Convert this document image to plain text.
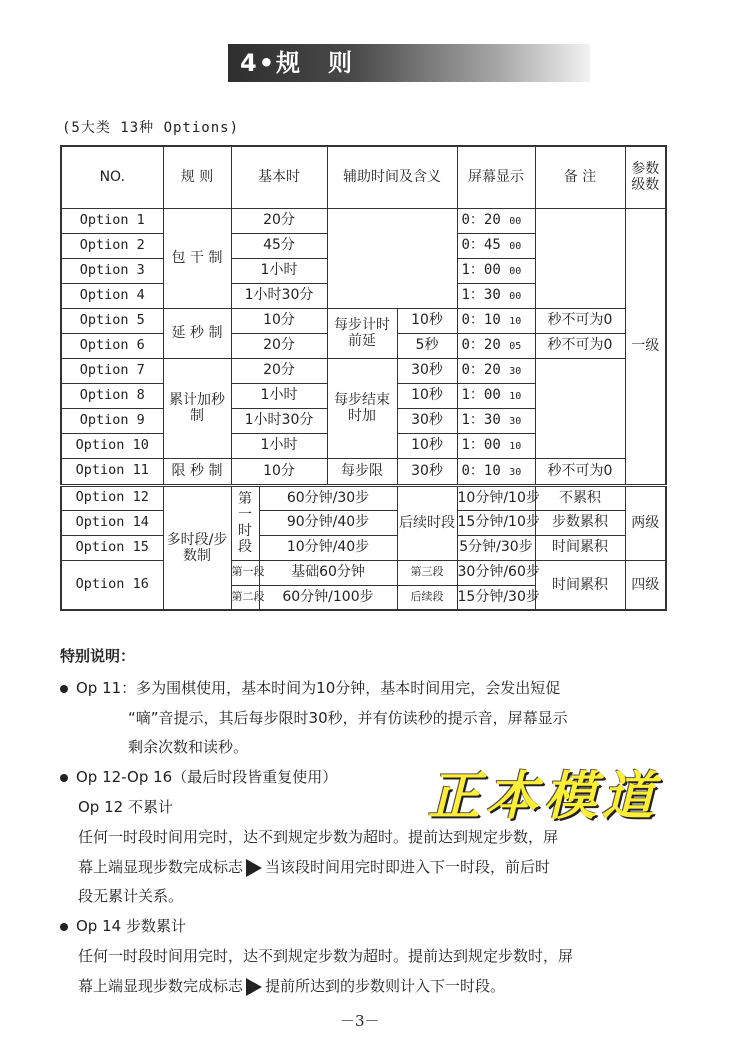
4•规　则
(5大类 13种 Options)
NO.	规 则	基本时		辅助时间及含义		屏幕显示	备 注	参数级数
Option 1	包 干 制	20分				0：20 00		一级
Option 2		45分				0：45 00		
Option 3		1小时				1：00 00		
Option 4		1小时30分				1：30 00		
Option 5	延 秒 制	10分		每步计时前延	10秒	0：10 10	秒不可为0	
Option 6		20分			5秒	0：20 05	秒不可为0	
Option 7	累计加秒制	20分		每步结束时加	30秒	0：20 30		
Option 8		1小时			10秒	1：00 10		
Option 9		1小时30分			30秒	1：30 30		
Option 10		1小时			10秒	1：00 10		
Option 11	限 秒 制	10分		每步限	30秒	0：10 30	秒不可为0	
Option 12	多时段/步数制	第一时段	60分钟/30步		后续时段	10分钟/10步	不累积	两级
Option 14			90分钟/40步			15分钟/10步	步数累积	
Option 15			10分钟/40步			5分钟/30步	时间累积	
Option 16		第一段	基础60分钟		第三段	30分钟/60步	时间累积	四级
		第二段	60分钟/100步		后续段	15分钟/30步		
特别说明：
Op 11：多为围棋使用，基本时间为10分钟，基本时间用完，会发出短促
“嘀”音提示，其后每步限时30秒，并有仿读秒的提示音，屏幕显示
剩余次数和读秒。
Op 12-Op 16（最后时段皆重复使用）
Op 12 不累计
任何一时段时间用完时，达不到规定步数为超时。提前达到规定步数，屏
幕上端显现步数完成标志 当该段时间用完时即进入下一时段，前后时
段无累计关系。
Op 14 步数累计
任何一时段时间用完时，达不到规定步数为超时。提前达到规定步数时，屏
幕上端显现步数完成标志 提前所达到的步数则计入下一时段。
正本模道
－3－
